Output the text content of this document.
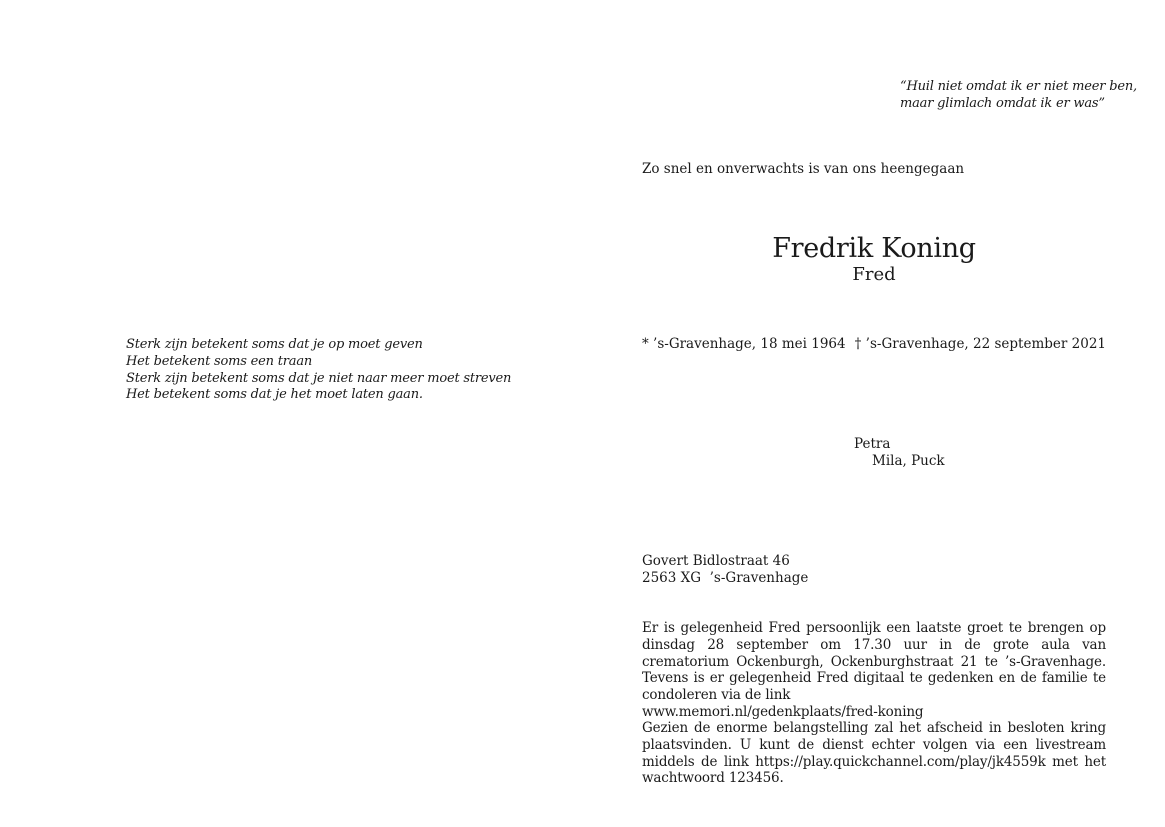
“Huil niet omdat ik er niet meer ben,
maar glimlach omdat ik er was”
Zo snel en onverwachts is van ons heengegaan
Fredrik Koning
Fred
* ’s-Gravenhage, 18 mei 1964 † ’s-Gravenhage, 22 september 2021
Sterk zijn betekent soms dat je op moet geven
Het betekent soms een traan
Sterk zijn betekent soms dat je niet naar meer moet streven
Het betekent soms dat je het moet laten gaan.
Petra
Mila, Puck
Govert Bidlostraat 46
2563 XG  ’s-Gravenhage
Er is gelegenheid Fred persoonlijk een laatste groet te brengen op dinsdag 28 september om 17.30 uur in de grote aula van crematorium Ockenburgh, Ockenburghstraat 21 te ’s-Gravenhage. Tevens is er gelegenheid Fred digitaal te gedenken en de familie te condoleren via de link
www.memori.nl/gedenkplaats/fred-koning
Gezien de enorme belangstelling zal het afscheid in besloten kring plaatsvinden. U kunt de dienst echter volgen via een livestream middels de link https://play.quickchannel.com/play/jk4559k met het wachtwoord 123456.
